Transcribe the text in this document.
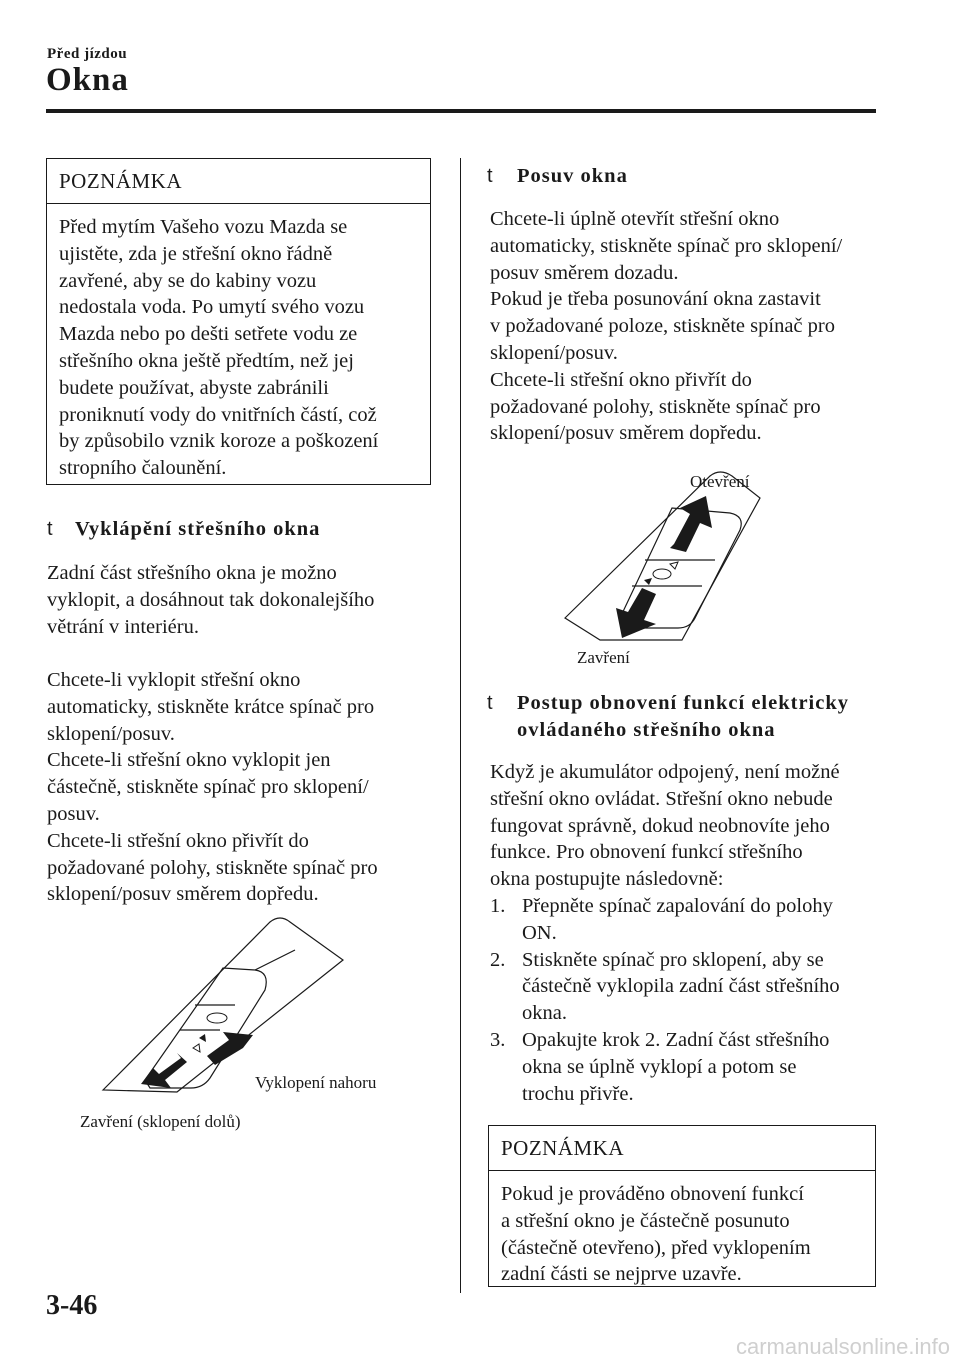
Před jízdou
Okna
POZNÁMKA
Před mytím Vašeho vozu Mazda se
ujistěte, zda je střešní okno řádně
zavřené, aby se do kabiny vozu
nedostala voda. Po umytí svého vozu
Mazda nebo po dešti setřete vodu ze
střešního okna ještě předtím, než jej
budete používat, abyste zabránili
proniknutí vody do vnitřních částí, což
by způsobilo vznik koroze a poškození
stropního čalounění.
t Vyklápění střešního okna
Zadní část střešního okna je možno
vyklopit, a dosáhnout tak dokonalejšího
větrání v interiéru.
Chcete-li vyklopit střešní okno
automaticky, stiskněte krátce spínač pro
sklopení/posuv.
Chcete-li střešní okno vyklopit jen
částečně, stiskněte spínač pro sklopení/
posuv.
Chcete-li střešní okno přivřít do
požadované polohy, stiskněte spínač pro
sklopení/posuv směrem dopředu.
Vyklopení nahoru
Zavření (sklopení dolů)
t Posuv okna
Chcete-li úplně otevřít střešní okno
automaticky, stiskněte spínač pro sklopení/
posuv směrem dozadu.
Pokud je třeba posunování okna zastavit
v požadované poloze, stiskněte spínač pro
sklopení/posuv.
Chcete-li střešní okno přivřít do
požadované polohy, stiskněte spínač pro
sklopení/posuv směrem dopředu.
Otevření
Zavření
t	Postup obnovení funkcí elektricky
ovládaného střešního okna
Když je akumulátor odpojený, není možné
střešní okno ovládat. Střešní okno nebude
fungovat správně, dokud neobnovíte jeho
funkce. Pro obnovení funkcí střešního
okna postupujte následovně:
1. Přepněte spínač zapalování do polohy
ON.
2. Stiskněte spínač pro sklopení, aby se
částečně vyklopila zadní část střešního
okna.
3. Opakujte krok 2. Zadní část střešního
okna se úplně vyklopí a potom se
trochu přivře.
POZNÁMKA
Pokud je prováděno obnovení funkcí
a střešní okno je částečně posunuto
(částečně otevřeno), před vyklopením
zadní části se nejprve uzavře.
3-46
carmanualsonline.info
